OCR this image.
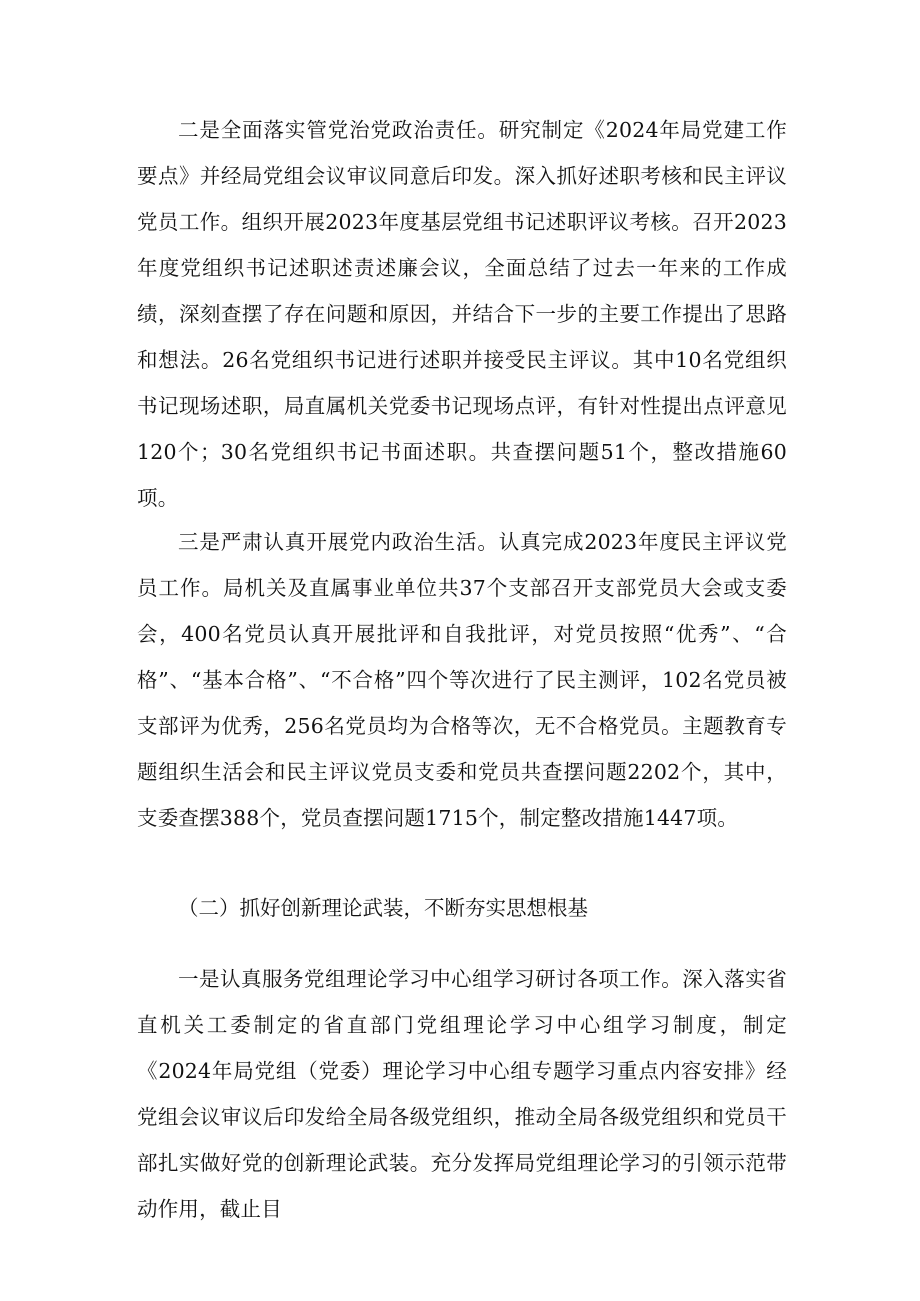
二是全面落实管党治党政治责任。研究制定《2024年局党建工作要点》并经局党组会议审议同意后印发。深入抓好述职考核和民主评议党员工作。组织开展2023年度基层党组书记述职评议考核。召开2023年度党组织书记述职述责述廉会议，全面总结了过去一年来的工作成绩，深刻查摆了存在问题和原因，并结合下一步的主要工作提出了思路和想法。26名党组织书记进行述职并接受民主评议。其中10名党组织书记现场述职，局直属机关党委书记现场点评，有针对性提出点评意见120个；30名党组织书记书面述职。共查摆问题51个，整改措施60项。

三是严肃认真开展党内政治生活。认真完成2023年度民主评议党员工作。局机关及直属事业单位共37个支部召开支部党员大会或支委会，400名党员认真开展批评和自我批评，对党员按照“优秀”、“合格”、“基本合格”、“不合格”四个等次进行了民主测评，102名党员被支部评为优秀，256名党员均为合格等次，无不合格党员。主题教育专题组织生活会和民主评议党员支委和党员共查摆问题2202个，其中，支委查摆388个，党员查摆问题1715个，制定整改措施1447项。

（二）抓好创新理论武装，不断夯实思想根基

一是认真服务党组理论学习中心组学习研讨各项工作。深入落实省直机关工委制定的省直部门党组理论学习中心组学习制度，制定《2024年局党组（党委）理论学习中心组专题学习重点内容安排》经党组会议审议后印发给全局各级党组织，推动全局各级党组织和党员干部扎实做好党的创新理论武装。充分发挥局党组理论学习的引领示范带动作用，截止目
